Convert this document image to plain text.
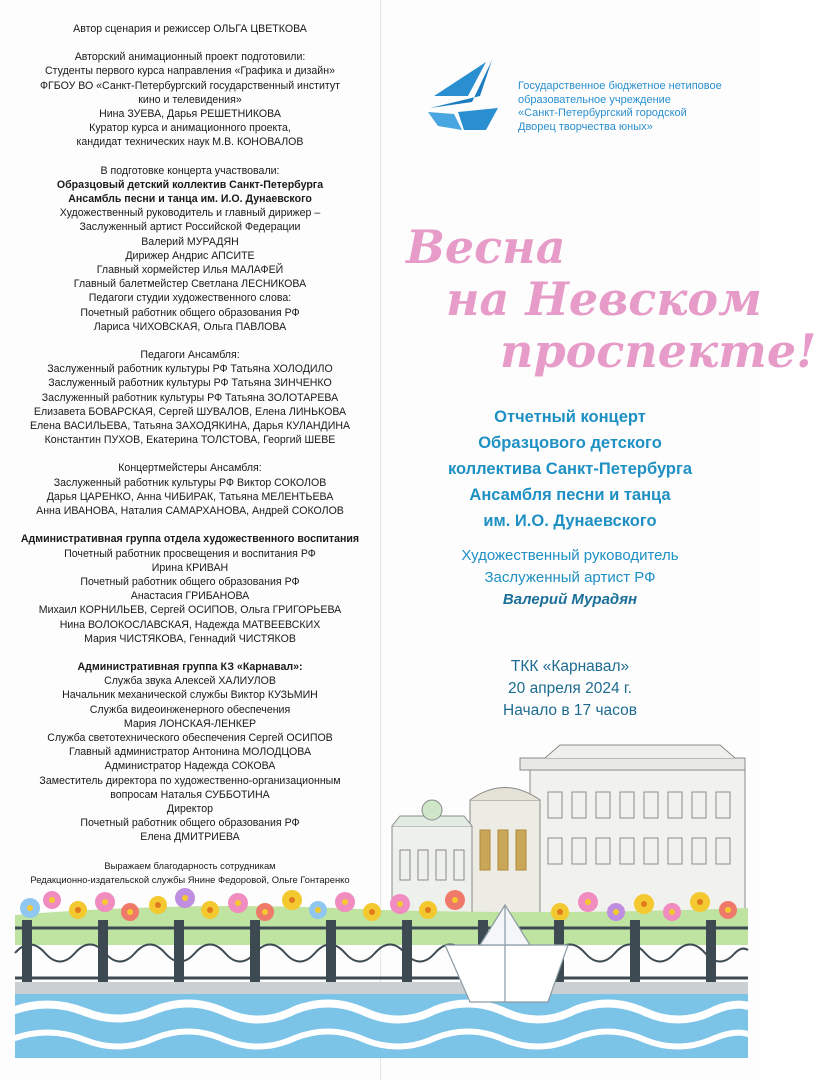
Автор сценария и режиссер ОЛЬГА ЦВЕТКОВА
Авторский анимационный проект подготовили:
Студенты первого курса направления «Графика и дизайн»
ФГБОУ ВО «Санкт-Петербургский государственный институт
кино и телевидения»
Нина ЗУЕВА, Дарья РЕШЕТНИКОВА
Куратор курса и анимационного проекта,
кандидат технических наук М.В. КОНОВАЛОВ
В подготовке концерта участвовали:
Образцовый детский коллектив Санкт-Петербурга
Ансамбль песни и танца им. И.О. Дунаевского
Художественный руководитель и главный дирижер –
Заслуженный артист Российской Федерации
Валерий МУРАДЯН
Дирижер Андрис АПСИТЕ
Главный хормейстер Илья МАЛАФЕЙ
Главный балетмейстер Светлана ЛЕСНИКОВА
Педагоги студии художественного слова:
Почетный работник общего образования РФ
Лариса ЧИХОВСКАЯ, Ольга ПАВЛОВА
Педагоги Ансамбля:
Заслуженный работник культуры РФ Татьяна ХОЛОДИЛО
Заслуженный работник культуры РФ Татьяна ЗИНЧЕНКО
Заслуженный работник культуры РФ Татьяна ЗОЛОТАРЕВА
Елизавета БОВАРСКАЯ, Сергей ШУВАЛОВ, Елена ЛИНЬКОВА
Елена ВАСИЛЬЕВА, Татьяна ЗАХОДЯКИНА, Дарья КУЛАНДИНА
Константин ПУХОВ, Екатерина ТОЛСТОВА, Георгий ШЕВЕ
Концертмейстеры Ансамбля:
Заслуженный работник культуры РФ Виктор СОКОЛОВ
Дарья ЦАРЕНКО, Анна ЧИБИРАК, Татьяна МЕЛЕНТЬЕВА
Анна ИВАНОВА, Наталия САМАРХАНОВА, Андрей СОКОЛОВ
Административная группа отдела художественного воспитания
Почетный работник просвещения и воспитания РФ
Ирина КРИВАН
Почетный работник общего образования РФ
Анастасия ГРИБАНОВА
Михаил КОРНИЛЬЕВ, Сергей ОСИПОВ, Ольга ГРИГОРЬЕВА
Нина ВОЛОКОСЛАВСКАЯ, Надежда МАТВЕЕВСКИХ
Мария ЧИСТЯКОВА, Геннадий ЧИСТЯКОВ
Административная группа КЗ «Карнавал»:
Служба звука Алексей ХАЛИУЛОВ
Начальник механической службы Виктор КУЗЬМИН
Служба видеоинженерного обеспечения
Мария ЛОНСКАЯ-ЛЕНКЕР
Служба светотехнического обеспечения Сергей ОСИПОВ
Главный администратор Антонина МОЛОДЦОВА
Администратор Надежда СОКОВА
Заместитель директора по художественно-организационным
вопросам Наталья СУББОТИНА
Директор
Почетный работник общего образования РФ
Елена ДМИТРИЕВА
Выражаем благодарность сотрудникам
Редакционно-издательской службы Янине Федоровой, Ольге Гонтаренко
Государственное бюджетное нетиповое
образовательное учреждение
«Санкт-Петербургский городской
Дворец творчества юных»
Весна
на Невском
проспекте!
Отчетный концерт
Образцового детского
коллектива Санкт-Петербурга
Ансамбля песни и танца
им. И.О. Дунаевского
Художественный руководитель
Заслуженный артист РФ
Валерий Мурадян
ТКК «Карнавал»
20 апреля 2024 г.
Начало в 17 часов
